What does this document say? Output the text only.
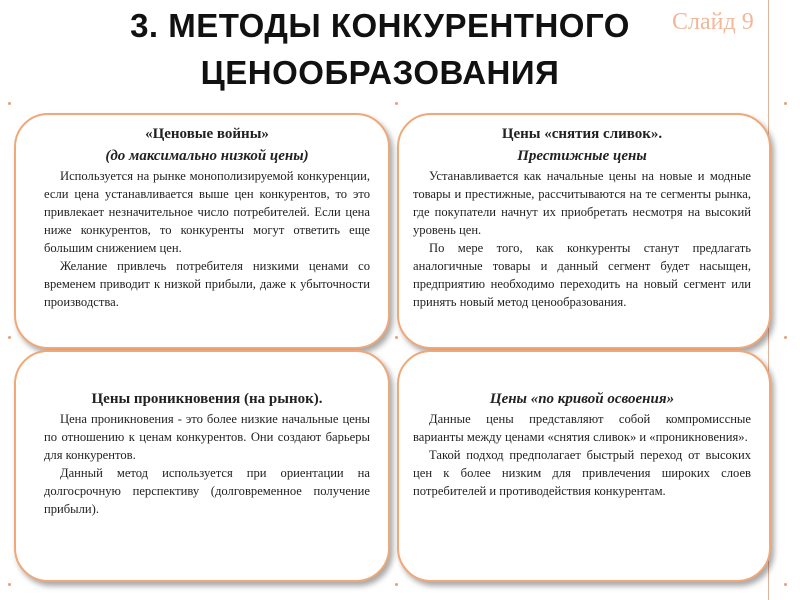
Слайд 9
3. МЕТОДЫ КОНКУРЕНТНОГО
ЦЕНООБРАЗОВАНИЯ
«Ценовые войны»
(до максимально низкой цены)

Используется на рынке монополизируемой конкуренции, если цена устанавливается выше цен конкурентов, то это привлекает незначительное число потребителей. Если цена ниже конкурентов, то конкуренты могут ответить еще большим снижением цен.

Желание привлечь потребителя низкими ценами со временем приводит к низкой прибыли, даже к убыточности производства.

Цены «снятия сливок».
Престижные цены

Устанавливается как начальные цены на новые и модные товары и престижные, рассчитываются на те сегменты рынка, где покупатели начнут их приобретать несмотря на высокий уровень цен.

По мере того, как конкуренты станут предлагать аналогичные товары и данный сегмент будет насыщен, предприятию необходимо переходить на новый сегмент или принять новый метод ценообразования.

Цены проникновения (на рынок).

Цена проникновения - это более низкие начальные цены по отношению к ценам конкурентов. Они создают барьеры для конкурентов.

Данный метод используется при ориентации на долгосрочную перспективу (долговременное получение прибыли).

Цены «по кривой освоения»

Данные цены представляют собой компромиссные варианты между ценами «снятия сливок» и «проникновения».

Такой подход предполагает быстрый переход от высоких цен к более низким для привлечения широких слоев потребителей и противодействия конкурентам.
